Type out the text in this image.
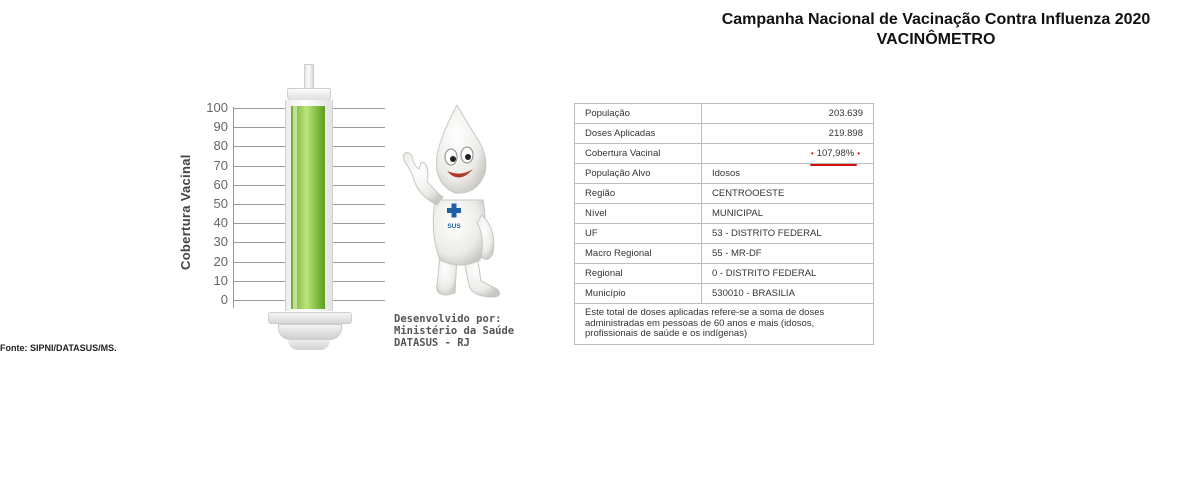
Campanha Nacional de Vacinação Contra Influenza 2020
VACINÔMETRO
Cobertura Vacinal
100
90
80
70
60
50
40
30
20
10
0
SUS
Desenvolvido por:
Ministério da Saúde
DATASUS - RJ
Fonte: SIPNI/DATASUS/MS.
População	203.639
Doses Aplicadas	219.898
Cobertura Vacinal	• 107,98% •

População Alvo	Idosos
Região	CENTROOESTE
Nível	MUNICIPAL
UF	53 - DISTRITO FEDERAL
Macro Regional	55 - MR-DF
Regional	0 - DISTRITO FEDERAL
Município	530010 - BRASILIA
Este total de doses aplicadas refere-se a soma de doses administradas em pessoas de 60 anos e mais (idosos, profissionais de saúde e os indígenas)	
